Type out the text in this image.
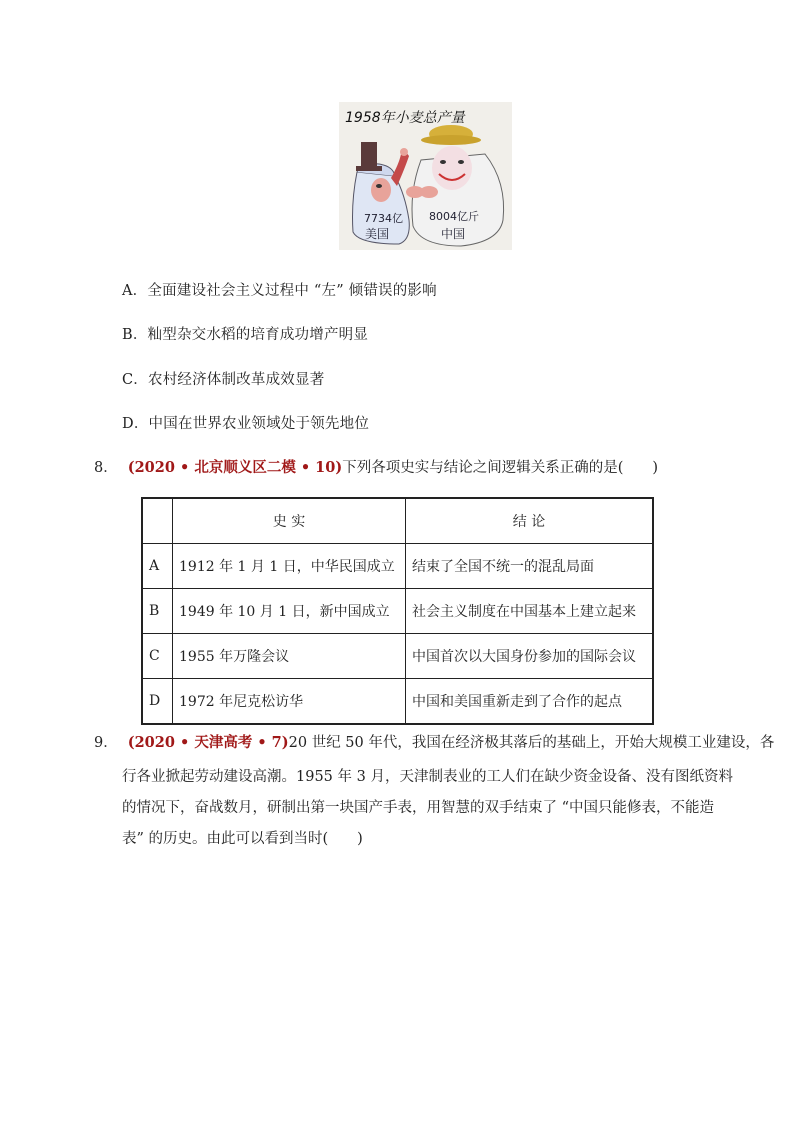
7734亿
美国
8004亿斤
中国
1958年小麦总产量
A．全面建设社会主义过程中 “左” 倾错误的影响
B．籼型杂交水稻的培育成功增产明显
C．农村经济体制改革成效显著
D．中国在世界农业领域处于领先地位
8． (2020 • 北京顺义区二模 • 10)下列各项史实与结论之间逻辑关系正确的是(　　)
	史 实	结 论
A	1912 年 1 月 1 日，中华民国成立	结束了全国不统一的混乱局面
B	1949 年 10 月 1 日，新中国成立	社会主义制度在中国基本上建立起来
C	1955 年万隆会议	中国首次以大国身份参加的国际会议
D	1972 年尼克松访华	中国和美国重新走到了合作的起点
9． (2020 • 天津高考 • 7)20 世纪 50 年代，我国在经济极其落后的基础上，开始大规模工业建设，各
行各业掀起劳动建设高潮。1955 年 3 月，天津制表业的工人们在缺少资金设备、没有图纸资料
的情况下，奋战数月，研制出第一块国产手表，用智慧的双手结束了 “中国只能修表，不能造
表” 的历史。由此可以看到当时(　　)
